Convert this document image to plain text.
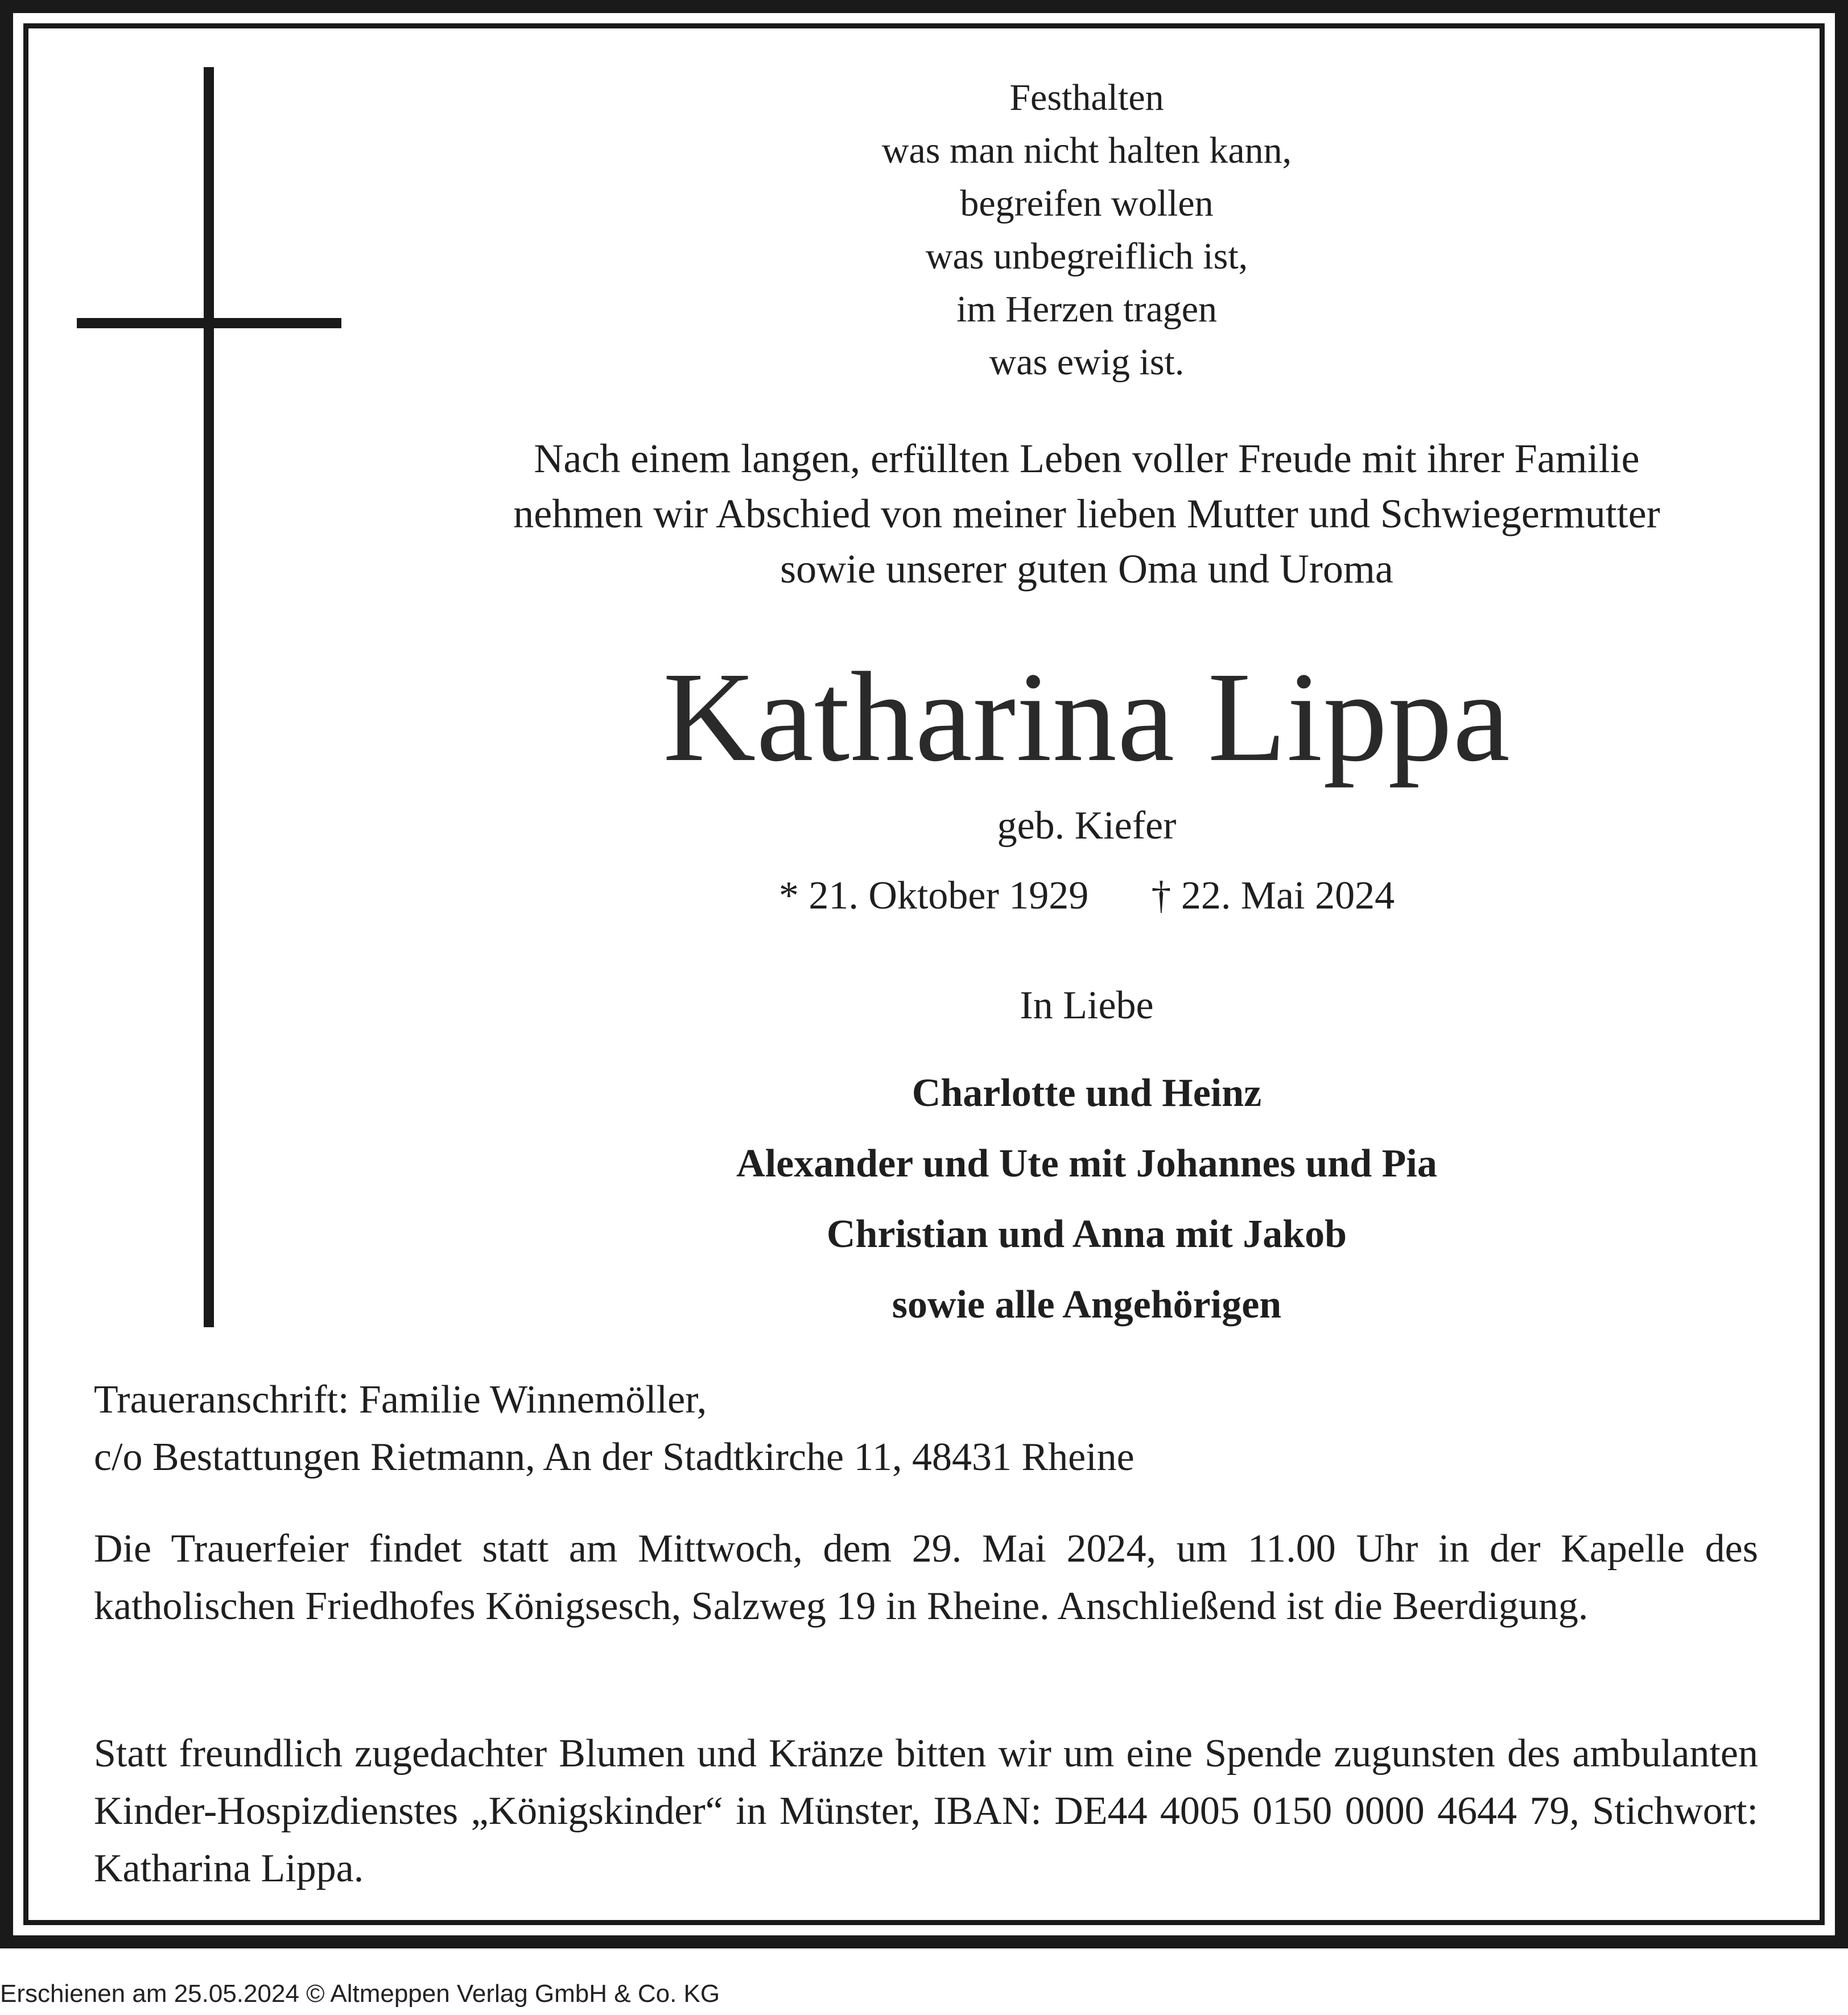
Festhalten
was man nicht halten kann,
begreifen wollen
was unbegreiflich ist,
im Herzen tragen
was ewig ist.
Nach einem langen, erfüllten Leben voller Freude mit ihrer Familie
nehmen wir Abschied von meiner lieben Mutter und Schwiegermutter
sowie unserer guten Oma und Uroma
Katharina Lippa
geb. Kiefer
* 21. Oktober 1929 † 22. Mai 2024
In Liebe
Charlotte und Heinz
Alexander und Ute mit Johannes und Pia
Christian und Anna mit Jakob
sowie alle Angehörigen
Traueranschrift: Familie Winnemöller,
c/o Bestattungen Rietmann, An der Stadtkirche 11, 48431 Rheine
Die Trauerfeier findet statt am Mittwoch, dem 29. Mai 2024, um 11.00 Uhr in der Kapelle des katholischen Friedhofes Königsesch, Salzweg 19 in Rheine. Anschließend ist die Beerdigung.
Statt freundlich zugedachter Blumen und Kränze bitten wir um eine Spende zugunsten des ambulanten Kinder-Hospizdienstes „Königskinder“ in Münster, IBAN: DE44 4005 0150 0000 4644 79, Stichwort: Katharina Lippa.
Erschienen am 25.05.2024 © Altmeppen Verlag GmbH & Co. KG
